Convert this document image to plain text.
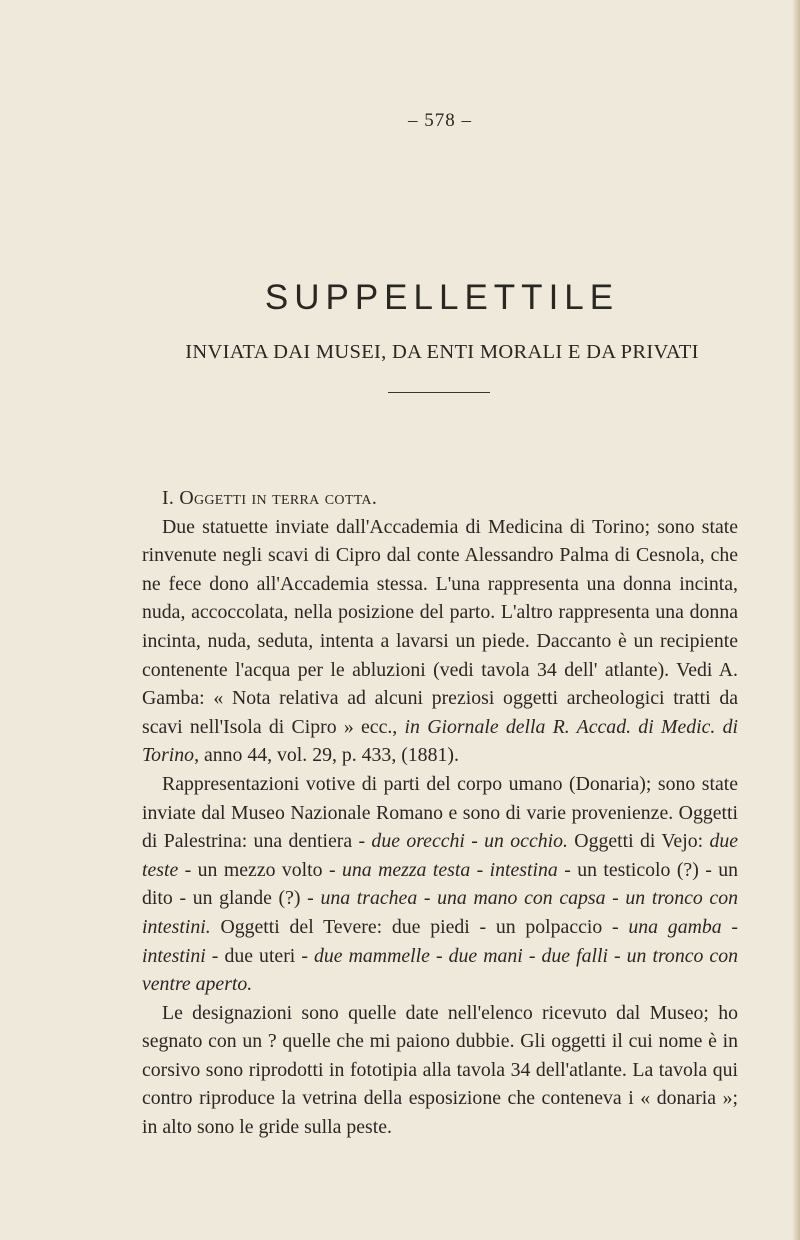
– 578 –
SUPPELLETTILE
INVIATA DAI MUSEI, DA ENTI MORALI E DA PRIVATI
I. Oggetti in terra cotta.

Due statuette inviate dall'Accademia di Medicina di Torino; sono state rinvenute negli scavi di Cipro dal conte Alessandro Palma di Cesnola, che ne fece dono all'Accademia stessa. L'una rappresenta una donna incinta, nuda, accoccolata, nella posizione del parto. L'altro rappresenta una donna incinta, nuda, seduta, intenta a lavarsi un piede. Daccanto è un recipiente contenente l'acqua per le abluzioni (vedi tavola 34 dell' atlante). Vedi A. Gamba: « Nota relativa ad alcuni preziosi oggetti archeologici tratti da scavi nell'Isola di Cipro » ecc., in Giornale della R. Accad. di Medic. di Torino, anno 44, vol. 29, p. 433, (1881).

Rappresentazioni votive di parti del corpo umano (Donaria); sono state inviate dal Museo Nazionale Romano e sono di varie provenienze. Oggetti di Palestrina: una dentiera - due orecchi - un occhio. Oggetti di Vejo: due teste - un mezzo volto - una mezza testa - intestina - un testicolo (?) - un dito - un glande (?) - una trachea - una mano con capsa - un tronco con intestini. Oggetti del Tevere: due piedi - un polpaccio - una gamba - intestini - due uteri - due mammelle - due mani - due falli - un tronco con ventre aperto.

Le designazioni sono quelle date nell'elenco ricevuto dal Museo; ho segnato con un ? quelle che mi paiono dubbie. Gli oggetti il cui nome è in corsivo sono riprodotti in fototipia alla tavola 34 dell'atlante. La tavola qui contro riproduce la vetrina della esposizione che conteneva i « donaria »; in alto sono le gride sulla peste.
